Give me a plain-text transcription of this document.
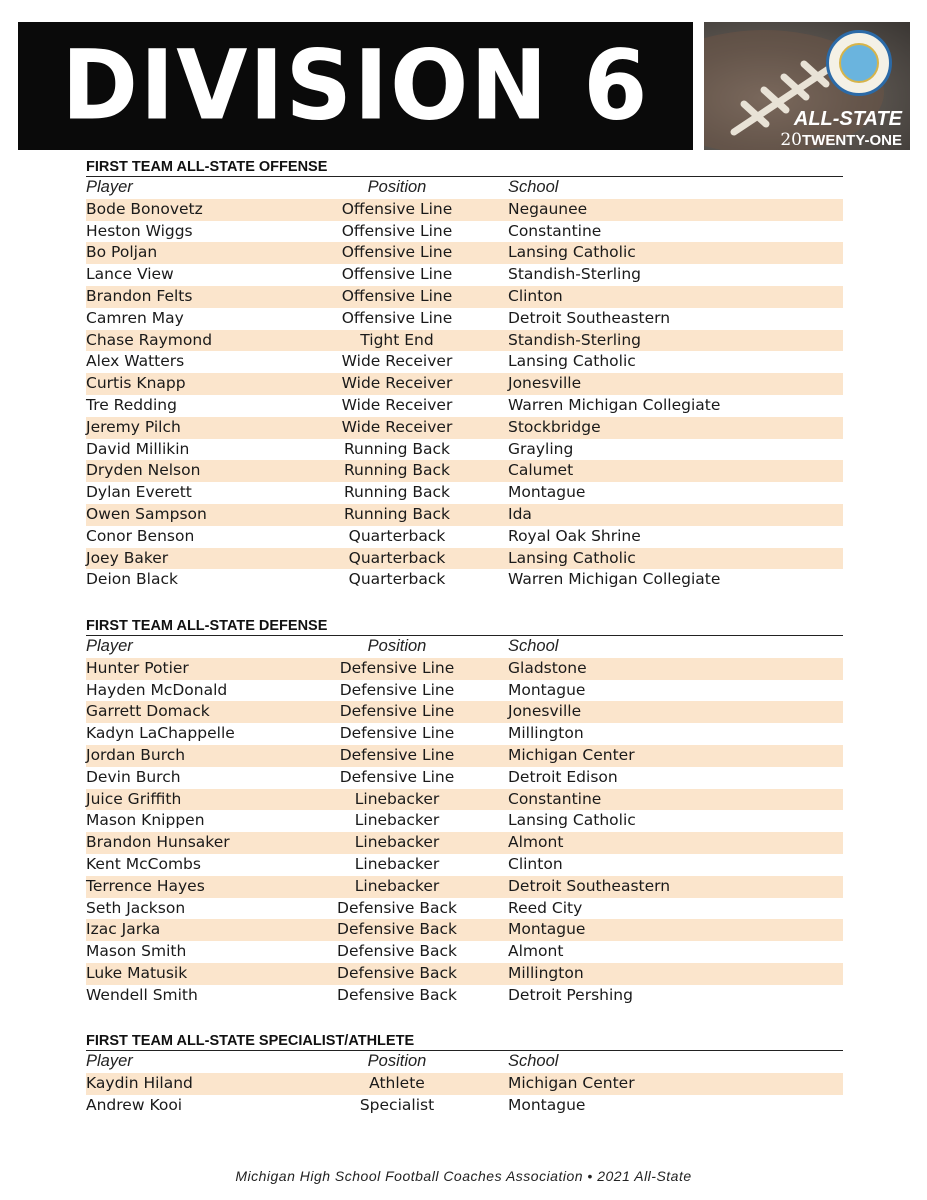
DIVISION 6	ALL-STATE
20TWENTY-ONE
FIRST TEAM ALL-STATE OFFENSE
Player	Position	School
Bode Bonovetz	Offensive Line	Negaunee
Heston Wiggs	Offensive Line	Constantine
Bo Poljan	Offensive Line	Lansing Catholic
Lance View	Offensive Line	Standish-Sterling
Brandon Felts	Offensive Line	Clinton
Camren May	Offensive Line	Detroit Southeastern
Chase Raymond	Tight End	Standish-Sterling
Alex Watters	Wide Receiver	Lansing Catholic
Curtis Knapp	Wide Receiver	Jonesville
Tre Redding	Wide Receiver	Warren Michigan Collegiate
Jeremy Pilch	Wide Receiver	Stockbridge
David Millikin	Running Back	Grayling
Dryden Nelson	Running Back	Calumet
Dylan Everett	Running Back	Montague
Owen Sampson	Running Back	Ida
Conor Benson	Quarterback	Royal Oak Shrine
Joey Baker	Quarterback	Lansing Catholic
Deion Black	Quarterback	Warren Michigan Collegiate
FIRST TEAM ALL-STATE DEFENSE
Player	Position	School
Hunter Potier	Defensive Line	Gladstone
Hayden McDonald	Defensive Line	Montague
Garrett Domack	Defensive Line	Jonesville
Kadyn LaChappelle	Defensive Line	Millington
Jordan Burch	Defensive Line	Michigan Center
Devin Burch	Defensive Line	Detroit Edison
Juice Griffith	Linebacker	Constantine
Mason Knippen	Linebacker	Lansing Catholic
Brandon Hunsaker	Linebacker	Almont
Kent McCombs	Linebacker	Clinton
Terrence Hayes	Linebacker	Detroit Southeastern
Seth Jackson	Defensive Back	Reed City
Izac Jarka	Defensive Back	Montague
Mason Smith	Defensive Back	Almont
Luke Matusik	Defensive Back	Millington
Wendell Smith	Defensive Back	Detroit Pershing
FIRST TEAM ALL-STATE SPECIALIST/ATHLETE
Player	Position	School
Kaydin Hiland	Athlete	Michigan Center
Andrew Kooi	Specialist	Montague
Michigan High School Football Coaches Association • 2021 All-State
